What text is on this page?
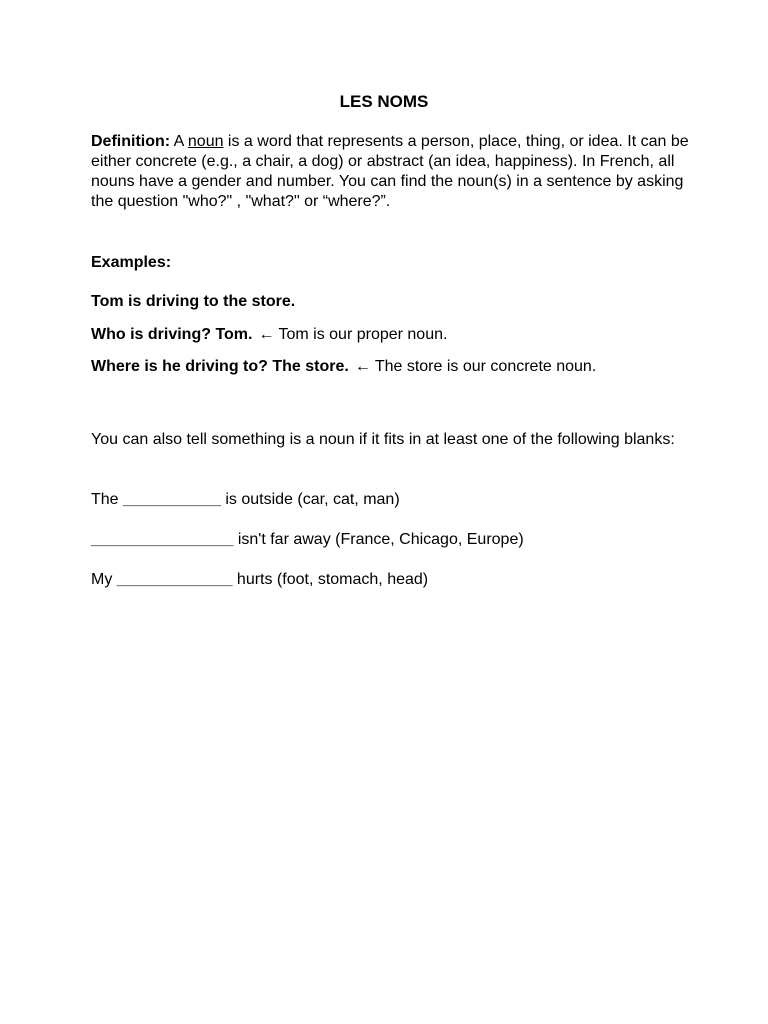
LES NOMS

Definition: A noun is a word that represents a person, place, thing, or idea. It can be either concrete (e.g., a chair, a dog) or abstract (an idea, happiness). In French, all nouns have a gender and number. You can find the noun(s) in a sentence by asking the question "who?" , "what?" or “where?”.

Examples:
Tom is driving to the store.
Who is driving? Tom. ← Tom is our proper noun.
Where is he driving to? The store. ← The store is our concrete noun.

You can also tell something is a noun if it fits in at least one of the following blanks:

The ___________ is outside (car, cat, man)
________________ isn't far away (France, Chicago, Europe)
My _____________ hurts (foot, stomach, head)
